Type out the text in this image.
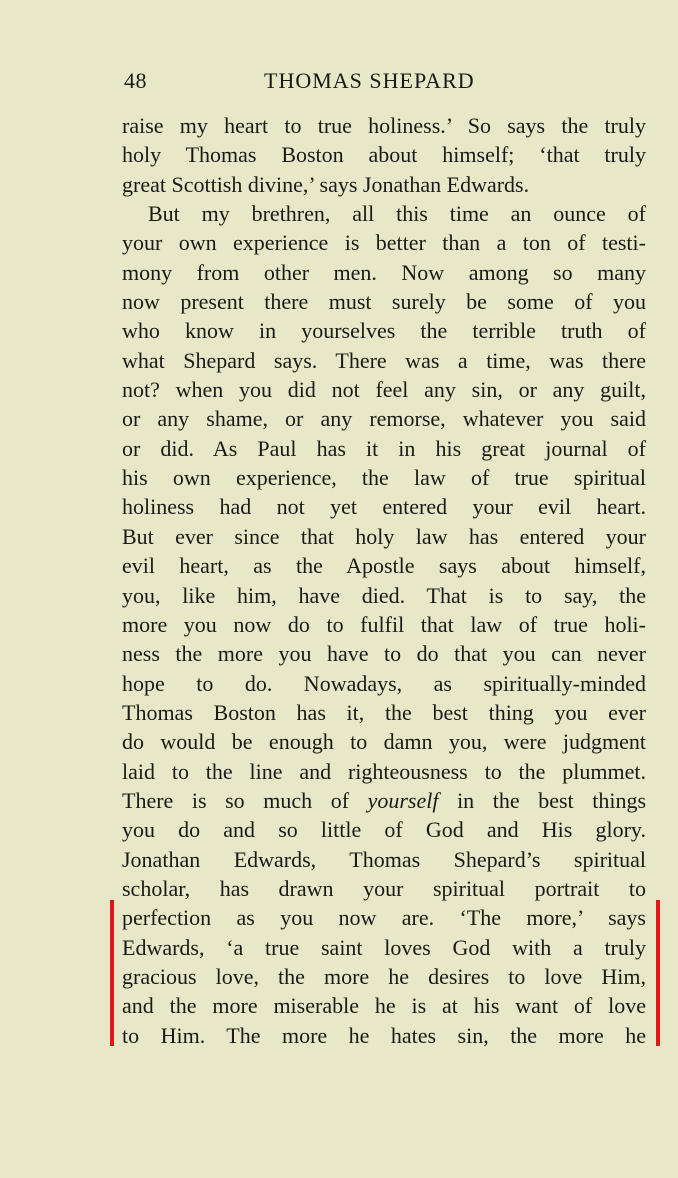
48	THOMAS SHEPARD
raise my heart to true holiness.’ So says the truly
holy Thomas Boston about himself; ‘that truly
great Scottish divine,’ says Jonathan Edwards.
But my brethren, all this time an ounce of
your own experience is better than a ton of testi-
mony from other men. Now among so many
now present there must surely be some of you
who know in yourselves the terrible truth of
what Shepard says. There was a time, was there
not? when you did not feel any sin, or any guilt,
or any shame, or any remorse, whatever you said
or did. As Paul has it in his great journal of
his own experience, the law of true spiritual
holiness had not yet entered your evil heart.
But ever since that holy law has entered your
evil heart, as the Apostle says about himself,
you, like him, have died. That is to say, the
more you now do to fulfil that law of true holi-
ness the more you have to do that you can never
hope to do. Nowadays, as spiritually-minded
Thomas Boston has it, the best thing you ever
do would be enough to damn you, were judgment
laid to the line and righteousness to the plummet.
There is so much of yourself in the best things
you do and so little of God and His glory.
Jonathan Edwards, Thomas Shepard’s spiritual
scholar, has drawn your spiritual portrait to
perfection as you now are. ‘The more,’ says
Edwards, ‘a true saint loves God with a truly
gracious love, the more he desires to love Him,
and the more miserable he is at his want of love
to Him. The more he hates sin, the more he
